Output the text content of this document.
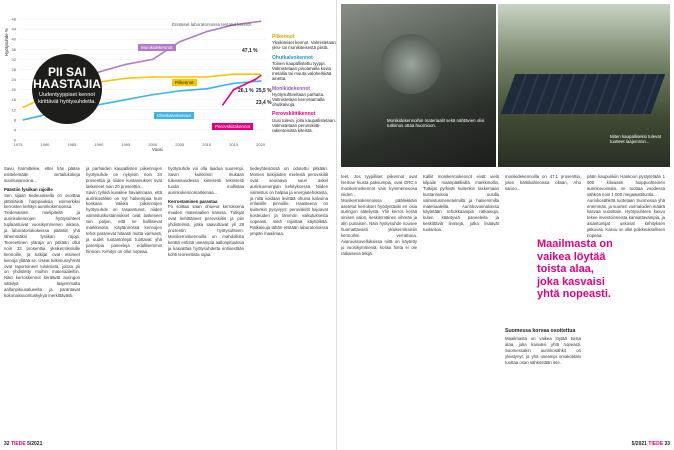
1975	1980	1985	1990	1995	2000	2005	2010	2015	2020
0
4
8
12
16
20
24
28
32
36
40
44
48
PII SAI HAASTAJIA

Uudentyyppiset kennot kirittävät hyötysuhdetta.

Erinäiset laboratorioissa testatut kennot
Monikidekennot
Piikennot
Ohutkalvokennot
Perovskiittikennot
47,1 %
26,1 % 25,5 %
23,4 %
Hyötysuhde %
Vuosi
Piikennot
Yksikiteiset kennot. Valmistetaan yksi- tai monikiteisestä piistä.
Ohutkalvokennot
Toinen kaupallistettu tyyppi. Valmistetaan pinoamalla kuvia metallia tai muuta valoherkkää ainetta.
Monikidekennot
Hyötysuhteeltaan parhaita. Valmistetaan kerrostamalla ohutkalvoja.
Perovskiittikennot
Uusi tuleva, joita kaupallistetaan. Valmistetaan perovskiitti-rakenteisista kiteistä.
Savu harmitteleе, ettei hän pääse esittelemään vertailukokeja suoritusarvoina...
Päästiin fysiikan rajoille
Sen sijaan tiedeuutisella on osoittaa jättimäisiä harppauksia esimerkiksi kerrosten kehitys aurinkokennoissa.
Tiedenaisten mielipiteitä ja aurinkokennojen hyötysuhteet tuplaantuivat vuosikymmenen aikana, ja laboratoriokokeissa päästiin yhä lähemmäksi fysiikan rajoja. Teoreettinen yläraja on pitkään ollut noin 33 prosenttia yksikerroksisille kennoille, ja tutkijat ovat etsineet keinoja ylittää se. Useat tutkimusryhmät ovat raportoineet tuloksista, joissa pii on yhdistetty muihin materiaaleihin. Näin kerroskennot keräävät auringon säteilyä laajemmalta aallonpituusalueelta ja parantavat kokonaissuorituskykyä merkittävästi.
ja parhaiden kaupallisten piikennojen hyötysuhde on nykyisin noin 24 prosenttia ja niiden kustannukset ovat laskeneet noin 20 prosenttia...
Savin tyrkkä kuvailee havaintoaan, että aurinkosähkö on nyt halvempaa kuin koskaan. Vaikka piikennojen hyötysuhde on tasaantunut, niiden valmistuskustannukset ovat laskeneet niin paljon, että ne hallitsevat markkinoita. Käytännössä kennojen tehot paranevat hitaasti mutta varmasti, ja uudet tuotantolinjat tuottavat yhä parempia paneeleja edullisemmin hinnoin. Kehitys on ollut nopeaa.
hyötysuhde voi olla laadua suurempi. Savin kuikkimin mukaan tulevaisuudessa kiireisesti teknisesti tuoda mullistaa aurinkokennomarkkinaa...
Kerrostaminen parantaa
Pii soittaa vaan ohuena kerroksena muiden materiaalien kanssa. Tutkijat ovat kehittäneet perovskiitin ja piin yhdistelmiä, jotka saavuttavat yli 29 prosentin hyötysuhteen. Monikerroskennoilla on mahdollista kerätä entistä useampia aallonpituuksia ja kasvattaa hyötysuhdetta entisestään kohti teoreettista rajaa.
tiedeyhteisössä on odotettu pitkään. Monien tutkijoiden mielestä perovskiitit ovat seuraava suuri askel aurinkoenergian kehityksessä. Niiden valmistus on halpaa ja energiatehokasta, ja niitä voidaan levittää ohuina kalvoina erilaisille pinnoille. Haasteena on kuitenkin pysyvyys: perovskiitit hajoavat kosteuden ja lämmön vaikutuksesta nopeasti, mikä rajoittaa käyttöikää. Ratkaisuja tähän etsitään laboratorioissa ympäri maailmaa.
32 TIEDE 5/2021
Monikidekennoihin materiaalit sekä nähtävien olisi tutkimus ottaa huomioon.
Miten kaupalliseksi tulevat tuotteet laajemmin...
teet. Jos tyypilliset piikennot ovat hieman hiusta paksumpia, ovat ORC:n monikerroskennot vain kymmenesosa niiden...
Monikerroskennoissa päällekkäin asetetut kerrokset hyödyntävät eri osia auringon säteilystä. Ylin kerros kerää sinisen valon, keskimmäinen vihreän ja alin punaisen. Näin hyötysuhde nousee huomattavasti yksikerroksisiin kennoihin verrattuna. Avaruussovelluksissa niitä on käytetty jo vuosikymmeniä, koska hinta ei ole ratkaiseva tekijä.
Kalliit monikerroskennot eivät vielä kilpaile maanpäällisillä markkinoilla. Tutkijat pyrkivät kuitenkin laskemaan kustannuksia uusilla valmistusmenetelmillä ja halvemmilla materiaaleilla. Aurinkovoimaloissa käytetään tehokkaampia ratkaisuja, kuten kääntyviä paneeleita ja keskittäviä linssejä, jotka lisäävät tuotantoa.
monikidekennoilla on 47,1 prosenttia, joten kärkikahinoissa ollaan, Aho sanoo...
Maailmasta on vaikea löytää toista alaa, joka kasvaisi yhtä nopeasti.
Suomessa korvaa osoitettua
Maailmasta on vaikea löytää toista alaa, joka kasvaisi yhtä nopeasti. Suomessakin aurinkosähkö on yleistynyt, ja yhä useampi omakotitalo tuottaa osan sähköstään itse.
pään kaupunkiin Hankoon pystytetään 1 000 kilowatin huippuohteinen aurinkovoimala, se tuottaa vuodessa sähköä noin 1 000 megawattituntia...
Aurinkosähköä tuotetaan Suomessa yhä enemmän, ja suurten voimaloiden määrä kasvaa vuosittain. Hyötysuhteen kasvu tekee investoinneista kannattavampia, ja asiantuntijat uskovat kehityksen jatkuvan. Kasvu on ollut poikkeuksellisen nopeaa.
5/2021 TIEDE 33
